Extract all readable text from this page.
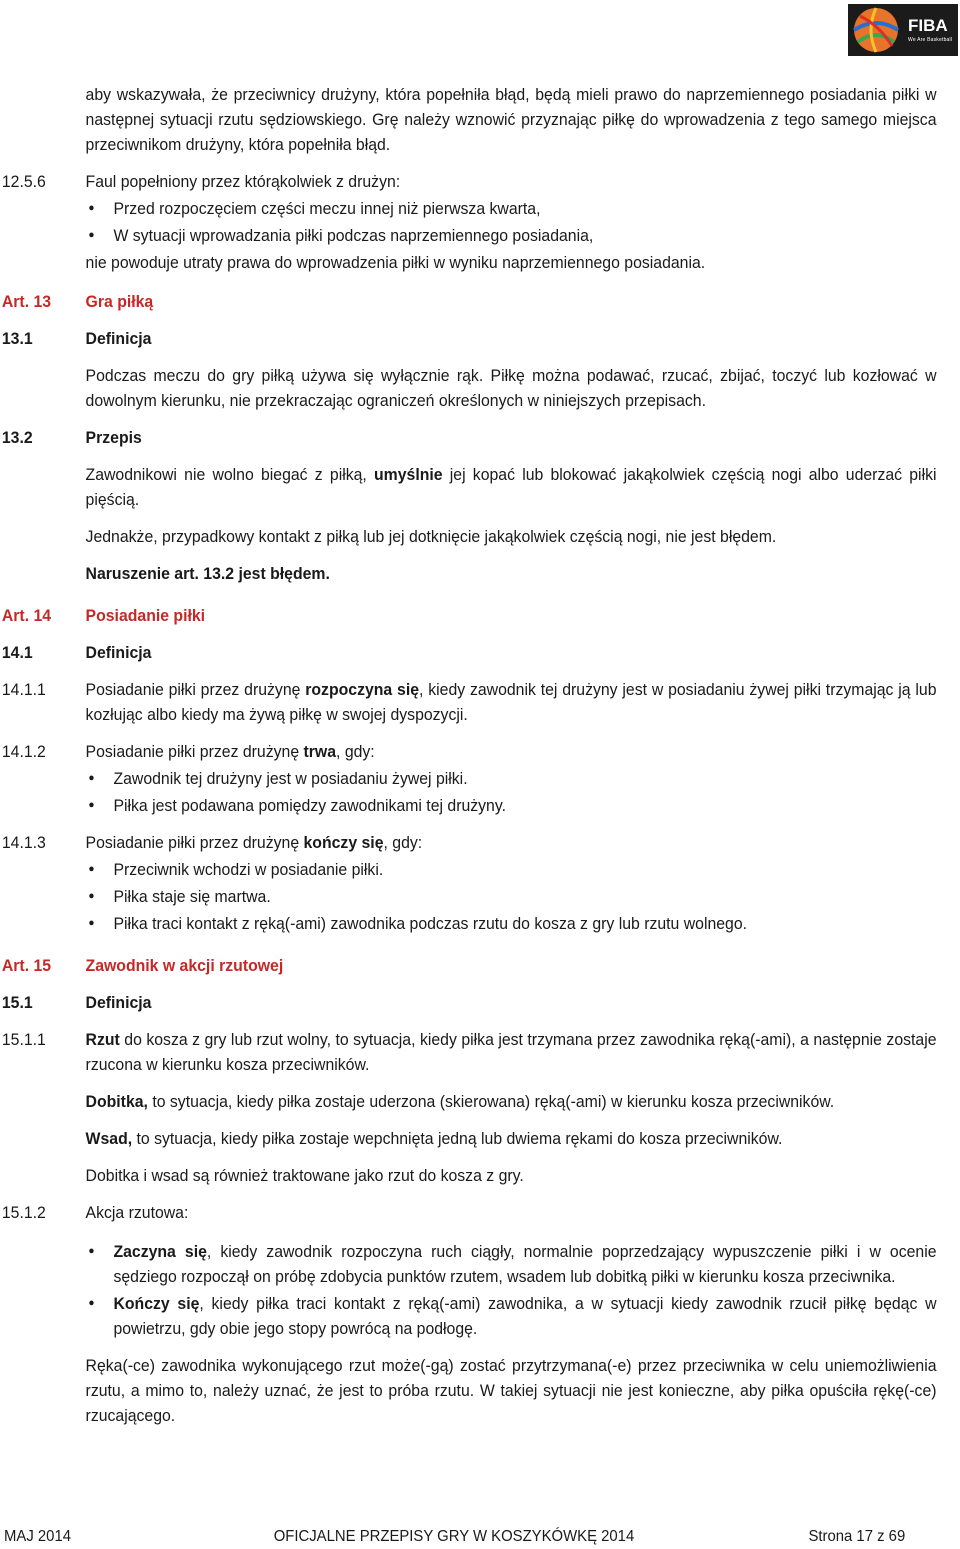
FIBA
We Are Basketball
aby wskazywała, że przeciwnicy drużyny, która popełniła błąd, będą mieli prawo do naprzemiennego posiadania piłki w następnej sytuacji rzutu sędziowskiego. Grę należy wznowić przyznając piłkę do wprowadzenia z tego samego miejsca przeciwnikom drużyny, która popełniła błąd.
12.5.6 Faul popełniony przez którąkolwiek z drużyn:
● Przed rozpoczęciem części meczu innej niż pierwsza kwarta,
● W sytuacji wprowadzania piłki podczas naprzemiennego posiadania,
nie powoduje utraty prawa do wprowadzenia piłki w wyniku naprzemiennego posiadania.
Art. 13 Gra piłką
13.1	Definicja
Podczas meczu do gry piłką używa się wyłącznie rąk. Piłkę można podawać, rzucać, zbijać, toczyć lub kozłować w dowolnym kierunku, nie przekraczając ograniczeń określonych w niniejszych przepisach.
13.2	Przepis
Zawodnikowi nie wolno biegać z piłką, umyślnie jej kopać lub blokować jakąkolwiek częścią nogi albo uderzać piłki pięścią.
Jednakże, przypadkowy kontakt z piłką lub jej dotknięcie jakąkolwiek częścią nogi, nie jest błędem.
Naruszenie art. 13.2 jest błędem.
Art. 14 Posiadanie piłki
14.1	Definicja
14.1.1 Posiadanie piłki przez drużynę rozpoczyna się, kiedy zawodnik tej drużyny jest w posiadaniu żywej piłki trzymając ją lub kozłując albo kiedy ma żywą piłkę w swojej dyspozycji.
14.1.2 Posiadanie piłki przez drużynę trwa, gdy:
● Zawodnik tej drużyny jest w posiadaniu żywej piłki.
● Piłka jest podawana pomiędzy zawodnikami tej drużyny.
14.1.3 Posiadanie piłki przez drużynę kończy się, gdy:
● Przeciwnik wchodzi w posiadanie piłki.
● Piłka staje się martwa.
● Piłka traci kontakt z ręką(-ami) zawodnika podczas rzutu do kosza z gry lub rzutu wolnego.
Art. 15 Zawodnik w akcji rzutowej
15.1	Definicja
15.1.1 Rzut do kosza z gry lub rzut wolny, to sytuacja, kiedy piłka jest trzymana przez zawodnika ręką(-ami), a następnie zostaje rzucona w kierunku kosza przeciwników.
Dobitka, to sytuacja, kiedy piłka zostaje uderzona (skierowana) ręką(-ami) w kierunku kosza przeciwników.
Wsad, to sytuacja, kiedy piłka zostaje wepchnięta jedną lub dwiema rękami do kosza przeciwników.
Dobitka i wsad są również traktowane jako rzut do kosza z gry.
15.1.2 Akcja rzutowa:
● Zaczyna się, kiedy zawodnik rozpoczyna ruch ciągły, normalnie poprzedzający wypuszczenie piłki i w ocenie sędziego rozpoczął on próbę zdobycia punktów rzutem, wsadem lub dobitką piłki w kierunku kosza przeciwnika.
● Kończy się, kiedy piłka traci kontakt z ręką(-ami) zawodnika, a w sytuacji kiedy zawodnik rzucił piłkę będąc w powietrzu, gdy obie jego stopy powrócą na podłogę.
Ręka(-ce) zawodnika wykonującego rzut może(-gą) zostać przytrzymana(-e) przez przeciwnika w celu uniemożliwienia rzutu, a mimo to, należy uznać, że jest to próba rzutu. W takiej sytuacji nie jest konieczne, aby piłka opuściła rękę(-ce) rzucającego.
MAJ 2014	OFICJALNE PRZEPISY GRY W KOSZYKÓWKĘ 2014	Strona 17 z 69
